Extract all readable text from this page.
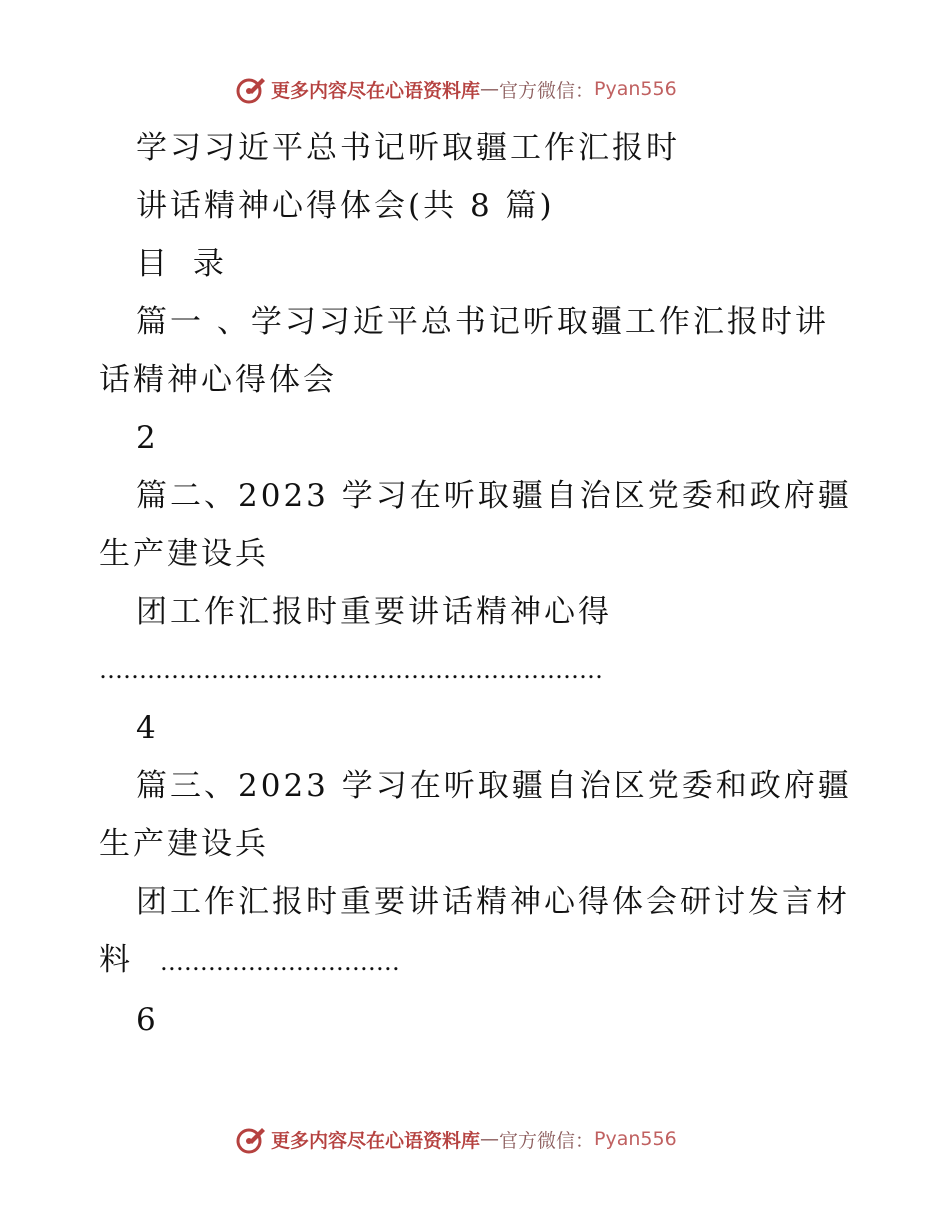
更多内容尽在心语资料库 — 官方微信： Pyan556
学习习近平总书记听取疆工作汇报时
讲话精神心得体会(共 8 篇)
目 录
篇一 、学习习近平总书记听取疆工作汇报时讲
话精神心得体会
2
篇二、2023 学习在听取疆自治区党委和政府疆
生产建设兵
团工作汇报时重要讲话精神心得
………………………………………………………
4
篇三、2023 学习在听取疆自治区党委和政府疆
生产建设兵
团工作汇报时重要讲话精神心得体会研讨发言材
料 …………………………
6
更多内容尽在心语资料库 — 官方微信： Pyan556
